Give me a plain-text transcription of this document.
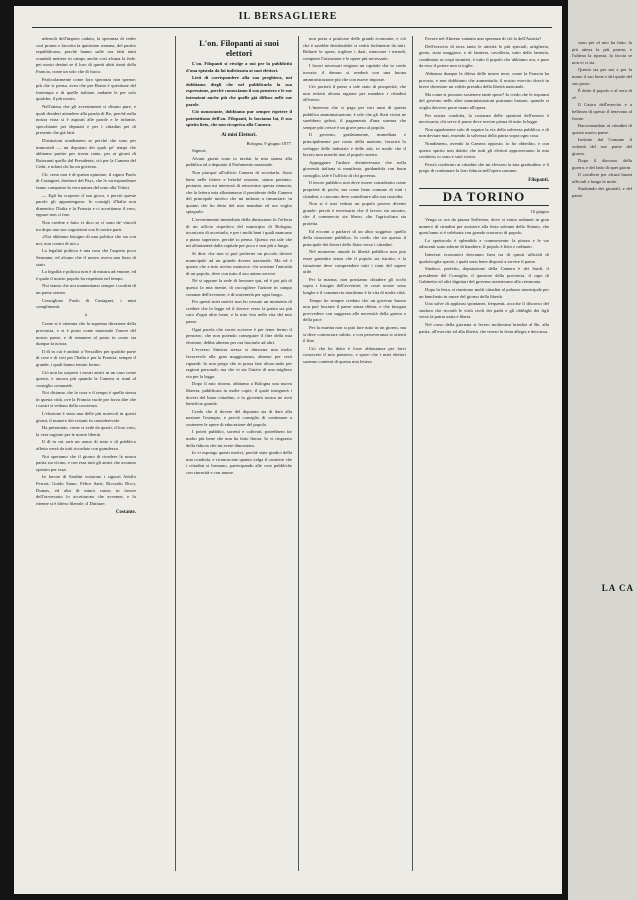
IL BERSAGLIERE

ndereoli dell'impero caduto, la speranza di veder così pronta e favorita la questione romana, del partito repubblicano, perchè hanno sulle ora fatti tanti scandali mettere in campo anche così alcuna la fede. pei nostri destini se il loro di questi abiti tienti della Francia, come un solo che di fuoco.

Particolarmente come loro speranza non spense; più che si pensa, avea che per Roma è questione del frattempo e di quelle italiane, andante le per solo qualche, il più nostro.

Nell'attesa che gli avvenimenti ci dicano pure, e quali desideri attendere alla parola di Ro, perchè nella nostra vista si è aspirati alle parole e le infamie, specchiante pei deputati e per i cittadini pei di presente che già fatti.

Distinzioni nondimeno se perché che sono per immortali — un deputato dei quali pe' tempi che abbiamo partire per trovar tanto, per ai giorni di Ruizzanti quello dal Presidente, ciò per la Camera del Ceda, e infatti chi ha un governo.

Ch. certo non è di questa opinione, il signor Paolo di Castagnet, direttore del Pays, che le corrispondenze fanno comparire la vera natura del tono alla Vidori.

— Egli ha scoperto il suo gioco, e perciò queste parole gli appartengono: le consigli d'Italia non dimentico l'Italia e la Francia e ci accettiamo il vero, eppure non ci fare.

Non credete e fatto vi dico se ci sono de' vincoli tra dopo uno sue cognizioni con le nostre parti.

«Noi abbiamo bisogno di una politica che sia con noi, non contro di noi.»

La legalità politica è una cosa che l'aspetto poco Sarmano, ed alcuno che il nostro aveva una linea di stato.

La legalità e politica non è di misura ad entrare, ed è quale il nostro popolo ha rispettato nel tempo.

Noi siamo che noi manteniamo sempre i confini di un paese onesto.

Consigliato Paolo di Castagnet, i mini complimenti.

×

Come si è ottenuta che la suprema direzione della provincia, e si è posto come nazionale l'onore del nostro paese, e di rimanere al posto in conto sia dunque la nostra.

Il dì in cui è andato a Versailles per qualche parte di cose e di voti per l'Italia e per la Francia, sempre il grande, i quali hanno tenuto fermo.

Ciò non ha sorpresi i nostri amici in un caso come questo, e ancora più quando la Camera si riunì al consiglio comunale.

Noi diciamo che la cosa e il tempo è quella stessa in questa città, ove la Francia vuole per forza dire che i nostri si vedono della coscienza.

L'elezione è stata una delle più notevoli in questi giorni, il numero dei votanti fu considerevole.

Ha presentato, come si vede da questi, il loro voto, la vera ragione per le nostre libertà.

Il dì in cui sarà un uomo di stato e di pubblico affetto verrà da tutti ricordato con grandezza.

Noi speriamo che il giorno di rivedere la nostra patria sia vicino, e con essa tutti gli amici che avranno operato per essa.

In favore di Sardini votarono i signori Adolfo Ferrari, Guido Stano, Felice Sarti, Riccardo Ricci, Dumas, ed altri di minor conto; in favore dell'avversario lo accettarono che avvenne, e lo ritenne si è difeso liberale, il Dufaure.

Costante.
L'on. Filopanti ai suoi elettori

L'on. Filopanti si rivolge a noi per la pubblicità d'una epistola da lui indirizzata ai suoi elettori.

Lieti di corrispondere alla sua preghiera, noi dobbiamo dirgli che nel pubblicarla la sua espressione, perchè conosciamo il suo pensiero e le sue intenzioni anche più che quelle già diffuse nelle sue parole.

Ciò nonostante, dobbiamo pur sempre ripetere il patriottismo dell'on. Filopanti, lo lasciamo lui, il suo spirito lieto, che non ricopriva alla Camera.

Ai miei Elettori.

Bologna, 9 giugno 1877.

Signori,

Alcuni giorni sono io invitai la mia stanza alla pubblica ed a deputato il Parlamento nazionale.

Non piacque all'ufficio Camera di accettarla. Sono bene nelle lettere e benché onorato, siamo pertanto, pertanto, non mi interessò di reinvestire questa rinuncia, che la lettera mia allontanasse il presidente della Camera del principale motivo che mi indusse a rinunciare: in quanto che ho detto del mio mandato ed ora voglio spiegarlo.

L'avvenimento immediato della dimissione fu l'offerta di un ufficio rispettivo del municipio di Bologna, incaricato di accettarla, e per i molti beni i quali mancano a piano superiore, perchè io penso. Questo era tale che mi allontanerà dalla capitale per poco e non più a lungo.

Si dirà: che non si può preferire un piccolo dovere municipale ad un grande dovere nazionale. Ma ed è questo che a mio avviso mancava: chi sostiene l'autorità di un popolo, deve con tutto il suo animo servire.

Nè si oppone la sede di lavorare qui, ed è poi più di questo la mia mente, di raccogliere l'azione in campo comune dell'avvenire, e di sostenerla per ogni luogo.

Per questi miei motivi non ho cessato un momento di credere che la legge ed il dovere verso la patria sia più caro d'ogni altro bene, e la mia vita nella vita del mio paese.

Ogni parola che vorrei scrivere è per tener fermo il pensiero, che non potendo conseguire il fine della mia elezione, debba almeno per ora lasciarlo ad altri.

L'eccesso Sinistra stessa si dimostra non molto favorevole alla gran maggioranza, almeno per certi riguardi. Io non prego che io possa fare alcun male per ragioni personali, ma che vi sia l'inizio di una migliore via per la legge.

Dopo il mio ritorno, abbiamo a Bologna una nuova libreria, pubblicata in molte copie, il quale insegnerà i doveri del buon cittadino, e la gioventù nostra ne avrà beneficio grande.

Credo che il dovere del deputato sia di dare alla nazione l'esempio, e perciò consiglio di continuare a sostenere le opere di educazione del popolo.

I poteri pubblici, sorretti e coltivati, potrebbero far molto più bene che non ha fatto finora. Io vi ringrazio della fiducia che mi avete dimostrata.

Io vi espongo questi motivi, perchè siate giudici della mia condotta, e riconosciate quanto valga il carattere che i cittadini si formano, partecipando alle cose pubbliche con sincerità e con amore.

non porta a praticare delle grandi economie, e ciò che è sarebbe desiderabile si vedrà facilmente da tutti. Ridurre le spese, togliere i dazi, rinnovare i metodi, compiere l'istruzione e le opere più necessarie.

I lavori necessari esigono un capitale che io credo trovato: il denaro si renderà con una buona amministrazione più che con nuove imposte.

Ciò porterà il paese a tale stato di prosperità, che non resterà alcuna ragione per mandare i cittadini all'estero.

L'interesse che ci paga pei vari rami di questa pubblica amministrazione, è tale che gli Stati vicini ne sarebbero gelosi; il pagamento d'una somma che sempre più cresce è un grave peso al popolo.

Il governo, gradatamente, immediata e principalmente per conto della nazione, favorirà lo sviluppo delle industrie e delle arti, in modo che il lavoro non manchi mai al popolo onesto.

Appoggiare l'ardore disinteressato che nella gioventù italiana si manifesta, guidandola con buon consiglio, tale è l'ufficio di chi governa.

Il tesoro pubblico non deve essere considerato come proprietà di pochi, ma come bene comune di tutti i cittadini, e ciascuno deve contribuire alla sua custodia.

Non si è mai veduto un popolo povero divenir grande: perciò è necessario che il lavoro sia onorato, che il commercio sia libero, che l'agricoltura sia protetta.

Ed eccomi a parlarvi di un altro soggetto: quello della istruzione pubblica. Io credo che sia questo il principale dei doveri dello Stato verso i cittadini.

Nel momento attuale la libertà pubblica non può esser garantita senza che il popolo sia istruito, e la istruzione deve comprendere tutti i rami del sapere utile.

Per la marina, non possiamo chiudere gli occhi sopra i bisogni dell'avvenire; le coste nostre sono lunghe e il commercio marittimo è la vita di molte città.

Tempo ho sempre creduto che un governo buono non può lasciare il paese senza difesa, e che bisogna provvedere con saggezza alle necessità della guerra e della pace.

Per la marina non si può fare tutto in un giorno, ma si deve cominciare subito, e con perseveranza si otterrà il fine.

Ciò che ho detto è forse abbastanza per farvi conoscere il mio pensiero; e spero che i miei elettori saranno contenti di questa mia lettera.

Favore nel Almeno vantano una speranza di ciò la dell'Austria?

Dell'esercito di terra tanto le attività le più speciali, artiglieria, genio, stato maggiore, e di fanteria, cavalleria, tutto della fanteria, combinato ai corpi stranieri, è tutto il popolo che abbiamo ora, e pure da esso il potere non si toglie.

Abbiamo dunque la difesa delle nostre terre, come la Francia ha provato, e non dobbiamo che aumentarla; il nostro esercito dovrà in breve diventare un valido presidio della libertà nazionale.

Ma come si possono sostenere tante spese? Io credo che le risparmi del governo nelle altre amministrazioni potranno bastare, quando si voglia davvero porre mano all'opera.

Per nostra condotta, la costanza delle opinioni dell'onesto è necessaria; chi serve il paese deve servire prima di tutto la legge.

Non ugualmente solo di seguire la via della salvezza pubblica, e di non deviare mai, essendo la salvezza della patria sopra ogni cosa.

Nondimeno, avendo la Camera opposto, io ho obbedito, e con questo spirito non dubito che tutti gli elettori approveranno la mia condotta; io sono e sarò vostro.

Perciò confermo ai cittadini che mi elessero la mia gratitudine, e li prego di continuare la loro fiducia nell'opera comune.

Filopanti.
DA TORINO

10 giugno

Venga or ora da piazza Solferino, dove si erano radunati in gran numero di cittadini per assistere alla festa solenne dello Statuto, che quest'anno si è celebrata con grande concorso di popolo.

Lo spettacolo è splendido e commovente: la piazza e le vie adiacenti sono adorne di bandiere, il popolo è lieto e ordinato.

Interessi economici dovranno farsi tra di questi ufficiali di qualsivoglia specie, i quali sono bene disposti a servire il paese.

Sindaco, prefetto, deputazione della Camera è dei Sardi, il presidente del Consiglio, il questore della provincia, il capo di Gabinetto ed altri dignitari del governo assistevano alla cerimonia.

Dopo la festa, si riunirono molti cittadini al palazzo municipale per un banchetto in onore del giorno della libertà.

Una salve di applausi spontanei, frequenti, accolse il discorso del sindaco che ricordò le virtù civili dei padri e gli obblighi dei figli verso la patria unita e libera.

Nel corso della giornata si fecero moltissimi brindisi al Re, alla patria, all'esercito ed alla libertà, che resero la festa allegra e decorosa.

sono per al uno ha fatto, la più attesa la più pronta, e l'ultima la riposta, la faccia se non vi ci sia.

Questo sia per noi e per la mano il suo bene e del quale del suo posto.

È detto il popolo e al vero di sé.

Il Castro dell'esercito e a bellezza di questo il tenevano al fronte.

Raccomandato ai cittadini di questo nuovo paese.

Invitato dal Comune il volontà del suo paese del giorno.

Dopo il discorso della guerra, e del fatto di quei giorni.

Il cavaliere per alcuni buoni ufficiali e lungo la notte.

Studiando dei giornali, e del paese.

LA CA
